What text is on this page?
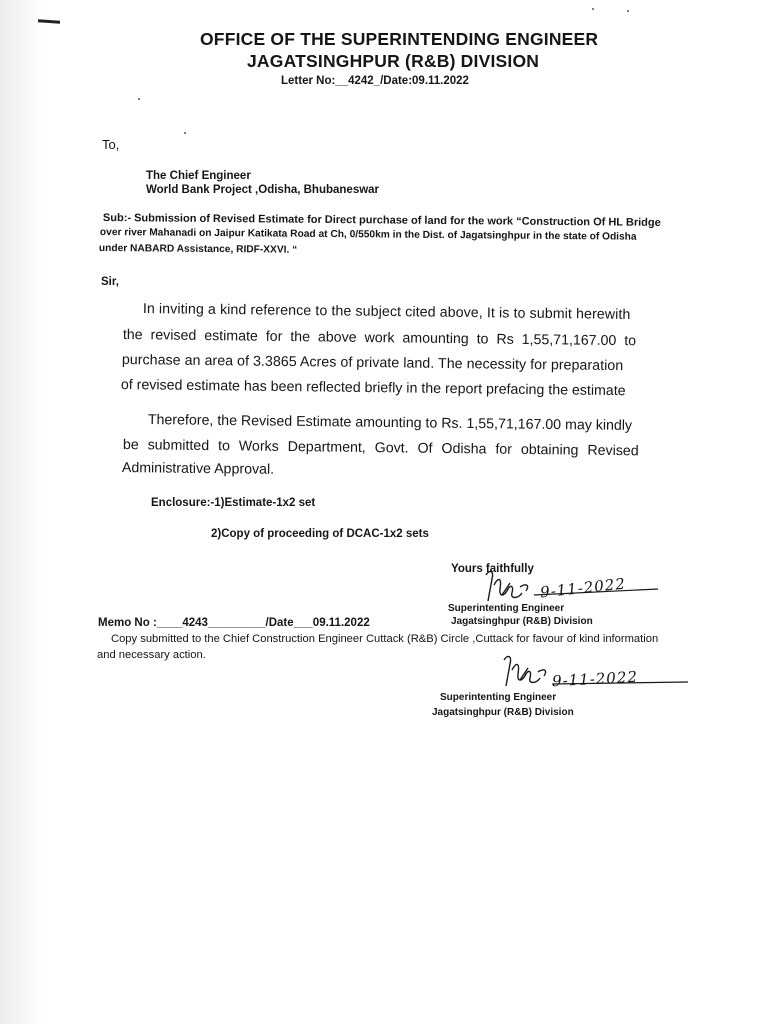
OFFICE OF THE SUPERINTENDING ENGINEER
JAGATSINGHPUR (R&B) DIVISION
Letter No:__4242_/Date:09.11.2022
To,
The Chief Engineer
World Bank Project ,Odisha, Bhubaneswar
Sub:- Submission of Revised Estimate for Direct purchase of land for the work “Construction Of HL Bridge
over river Mahanadi on Jaipur Katikata Road at Ch, 0/550km in the Dist. of Jagatsinghpur in the state of Odisha
under NABARD Assistance, RIDF-XXVI. “
Sir,
In inviting a kind reference to the subject cited above, It is to submit herewith
the revised estimate for the above work amounting to Rs 1,55,71,167.00 to
purchase an area of 3.3865 Acres of private land. The necessity for preparation
of revised estimate has been reflected briefly in the report prefacing the estimate
Therefore, the Revised Estimate amounting to Rs. 1,55,71,167.00 may kindly
be submitted to Works Department, Govt. Of Odisha for obtaining Revised
Administrative Approval.
Enclosure:-1)Estimate-1x2 set
2)Copy of proceeding of DCAC-1x2 sets
Yours faithfully
9-11-2022
Superintenting Engineer
Jagatsinghpur (R&B) Division
Memo No :____4243_________/Date___09.11.2022
Copy submitted to the Chief Construction Engineer Cuttack (R&B) Circle ,Cuttack for favour of kind information
and necessary action.
9-11-2022
Superintenting Engineer
Jagatsinghpur (R&B) Division
